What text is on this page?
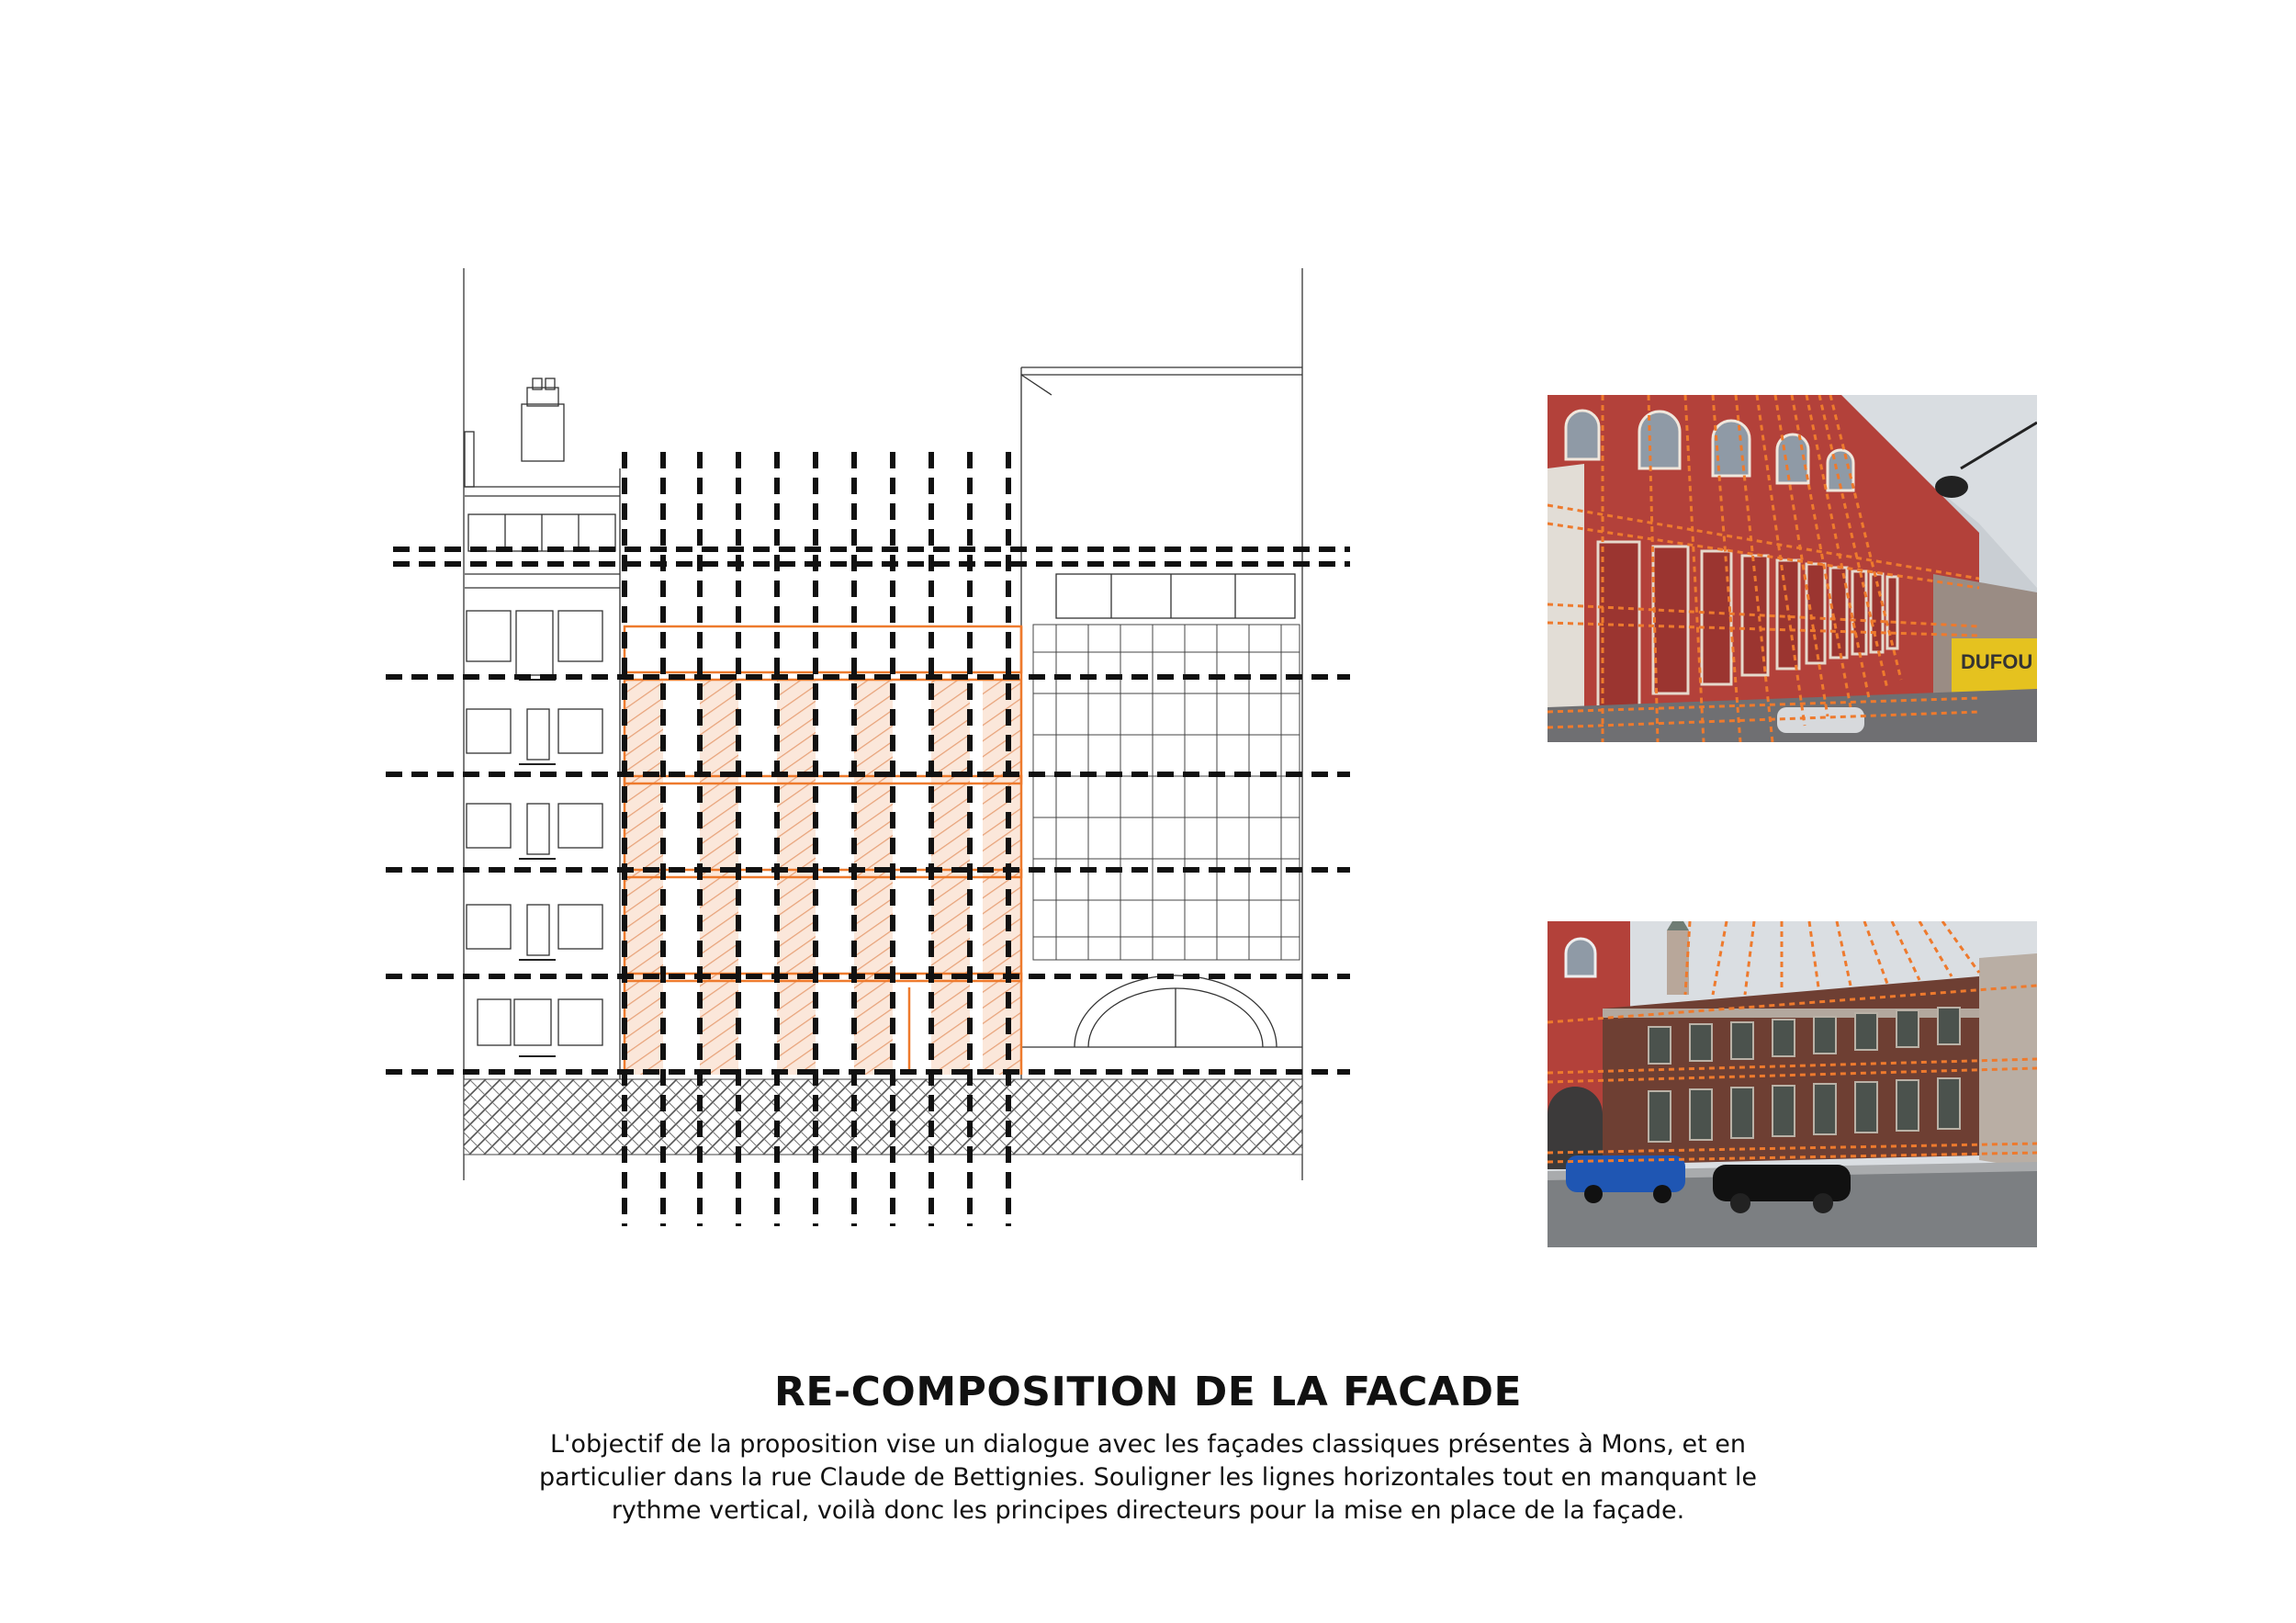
DUFOU
RE-COMPOSITION DE LA FACADE

L'objectif de la proposition vise un dialogue avec les façades classiques présentes à Mons, et en particulier dans la rue Claude de Bettignies. Souligner les lignes horizontales tout en manquant le rythme vertical, voilà donc les principes directeurs pour la mise en place de la façade.
